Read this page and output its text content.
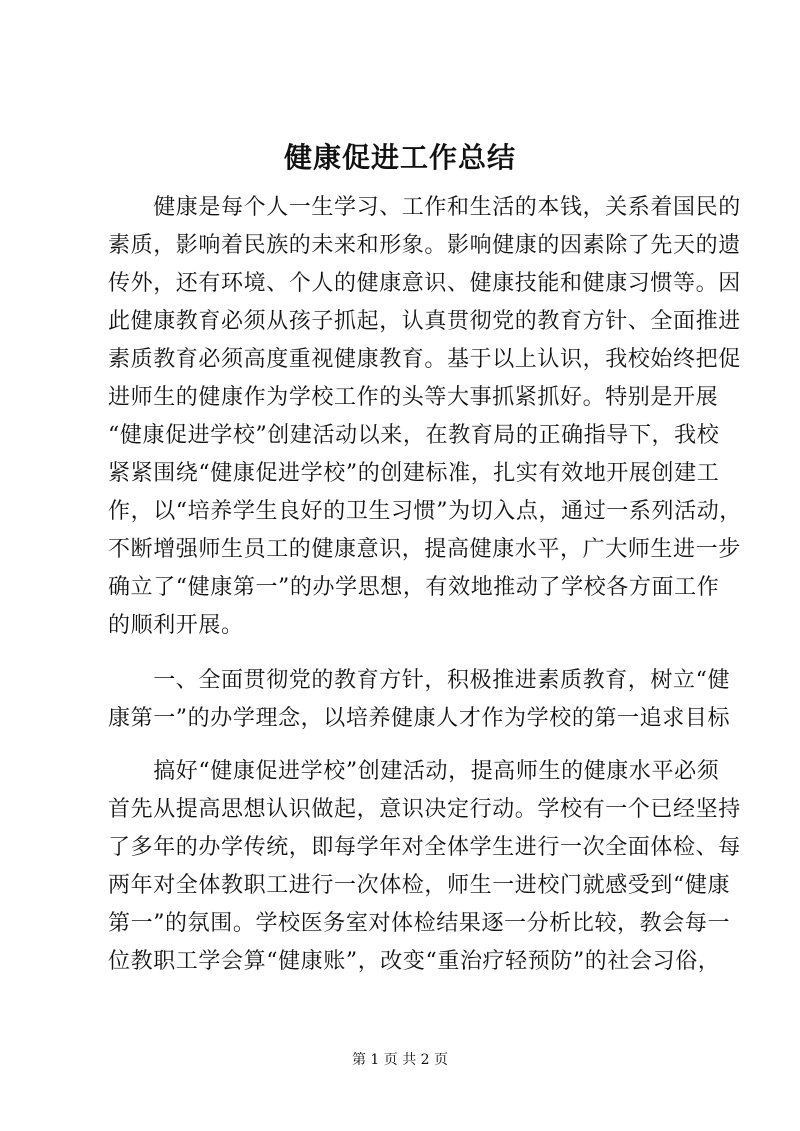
健康促进工作总结
　　健康是每个人一生学习、工作和生活的本钱，关系着国民的
素质，影响着民族的未来和形象。影响健康的因素除了先天的遗
传外，还有环境、个人的健康意识、健康技能和健康习惯等。因
此健康教育必须从孩子抓起，认真贯彻党的教育方针、全面推进
素质教育必须高度重视健康教育。基于以上认识，我校始终把促
进师生的健康作为学校工作的头等大事抓紧抓好。特别是开展
“健康促进学校”创建活动以来，在教育局的正确指导下，我校
紧紧围绕“健康促进学校”的创建标准，扎实有效地开展创建工
作，以“培养学生良好的卫生习惯”为切入点，通过一系列活动，
不断增强师生员工的健康意识，提高健康水平，广大师生进一步
确立了“健康第一”的办学思想，有效地推动了学校各方面工作
的顺利开展。
　　一、全面贯彻党的教育方针，积极推进素质教育，树立“健
康第一”的办学理念，以培养健康人才作为学校的第一追求目标
　　搞好“健康促进学校”创建活动，提高师生的健康水平必须
首先从提高思想认识做起，意识决定行动。学校有一个已经坚持
了多年的办学传统，即每学年对全体学生进行一次全面体检、每
两年对全体教职工进行一次体检，师生一进校门就感受到“健康
第一”的氛围。学校医务室对体检结果逐一分析比较，教会每一
位教职工学会算“健康账”，改变“重治疗轻预防”的社会习俗，
第 1 页 共 2 页
